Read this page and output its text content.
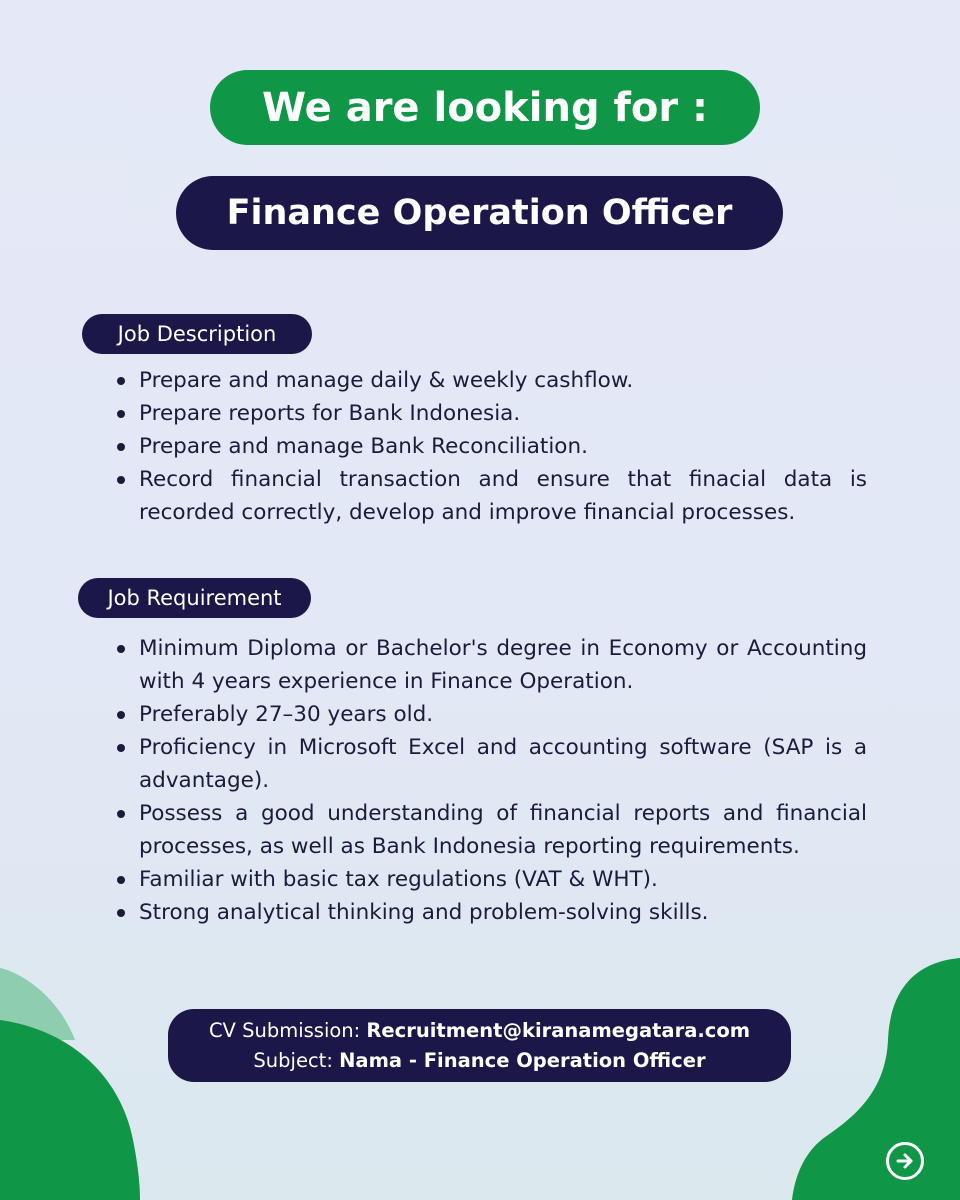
We are looking for :
Finance Operation Officer
Job Description
Prepare and manage daily & weekly cashflow.
Prepare reports for Bank Indonesia.
Prepare and manage Bank Reconciliation.
Record financial transaction and ensure that finacial data is recorded correctly, develop and improve financial processes.
Job Requirement
Minimum Diploma or Bachelor's degree in Economy or Accounting with 4 years experience in Finance Operation.
Preferably 27–30 years old.
Proficiency in Microsoft Excel and accounting software (SAP is a advantage).
Possess a good understanding of financial reports and financial processes, as well as Bank Indonesia reporting requirements.
Familiar with basic tax regulations (VAT & WHT).
Strong analytical thinking and problem-solving skills.
CV Submission: Recruitment@kiranamegatara.com
Subject: Nama - Finance Operation Officer
